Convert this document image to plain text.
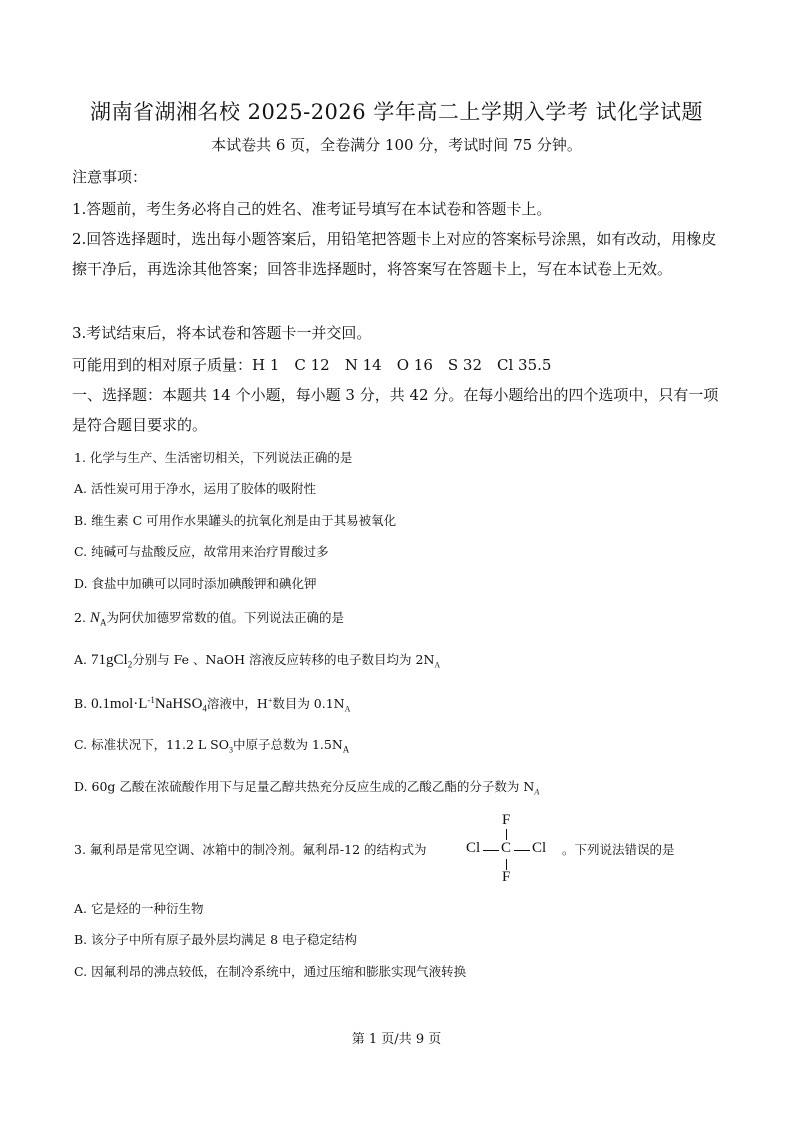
湖南省湖湘名校 2025-2026 学年高二上学期入学考 试化学试题
本试卷共 6 页，全卷满分 100 分，考试时间 75 分钟。
注意事项：
1.答题前，考生务必将自己的姓名、准考证号填写在本试卷和答题卡上。
2.回答选择题时，选出每小题答案后，用铅笔把答题卡上对应的答案标号涂黑，如有改动，用橡皮擦干净后，再选涂其他答案；回答非选择题时，将答案写在答题卡上，写在本试卷上无效。
3.考试结束后，将本试卷和答题卡一并交回。
可能用到的相对原子质量：H 1　C 12　N 14　O 16　S 32　Cl 35.5
一、选择题：本题共 14 个小题，每小题 3 分，共 42 分。在每小题给出的四个选项中，只有一项是符合题目要求的。
1. 化学与生产、生活密切相关，下列说法正确的是
A. 活性炭可用于净水，运用了胶体的吸附性
B. 维生素 C 可用作水果罐头的抗氧化剂是由于其易被氧化
C. 纯碱可与盐酸反应，故常用来治疗胃酸过多
D. 食盐中加碘可以同时添加碘酸钾和碘化钾
2. $N_A$为阿伏加德罗常数的值。下列说法正确的是
A. 71gCl$_2$分别与 Fe 、NaOH 溶液反应转移的电子数目均为 $2N_A$
B. $0.1mol\cdot L^{-1}NaHSO_4$溶液中，H+数目为 $0.1N_A$
C. 标准状况下，11.2 L $SO_3$中原子总数为 $1.5N_A$
D. 60g 乙酸在浓硫酸作用下与足量乙醇共热充分反应生成的乙酸乙酯的分子数为 $N_A$
3. 氟利昂是常见空调、冰箱中的制冷剂。氟利昂-12 的结构式为
F
Cl C Cl
F
。下列说法错误的是
A. 它是烃的一种衍生物
B. 该分子中所有原子最外层均满足 8 电子稳定结构
C. 因氟利昂的沸点较低，在制冷系统中，通过压缩和膨胀实现气液转换
第 1 页/共 9 页
